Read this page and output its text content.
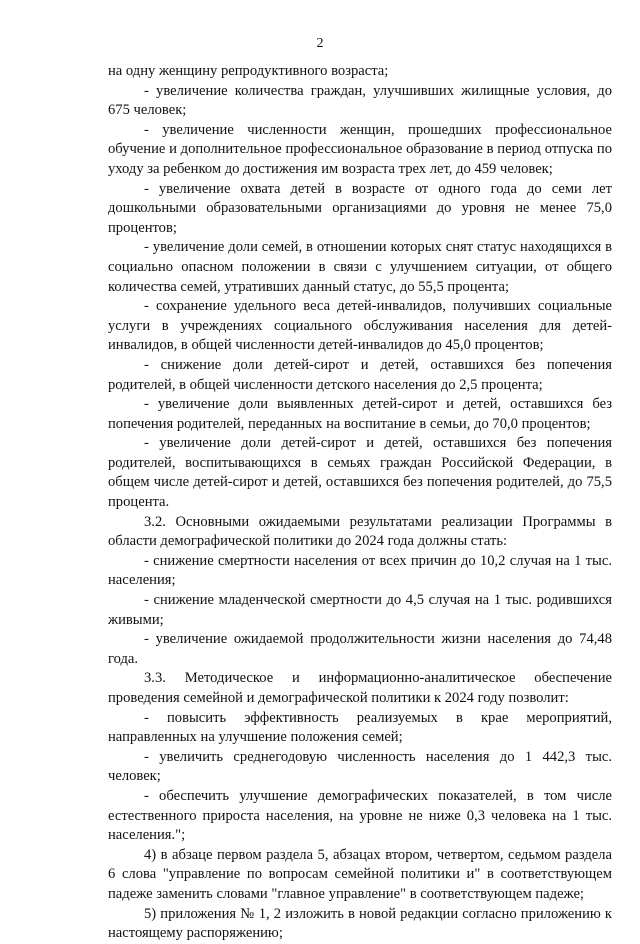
2

на одну женщину репродуктивного возраста;

- увеличение количества граждан, улучшивших жилищные условия, до 675 человек;

- увеличение численности женщин, прошедших профессиональное обучение и дополнительное профессиональное образование в период отпуска по уходу за ребенком до достижения им возраста трех лет, до 459 человек;

- увеличение охвата детей в возрасте от одного года до семи лет дошкольными образовательными организациями до уровня не менее 75,0 процентов;

- увеличение доли семей, в отношении которых снят статус находящихся в социально опасном положении в связи с улучшением ситуации, от общего количества семей, утративших данный статус, до 55,5 процента;

- сохранение удельного веса детей-инвалидов, получивших социальные услуги в учреждениях социального обслуживания населения для детей-инвалидов, в общей численности детей-инвалидов до 45,0 процентов;

- снижение доли детей-сирот и детей, оставшихся без попечения родителей, в общей численности детского населения до 2,5 процента;

- увеличение доли выявленных детей-сирот и детей, оставшихся без попечения родителей, переданных на воспитание в семьи, до 70,0 процентов;

- увеличение доли детей-сирот и детей, оставшихся без попечения родителей, воспитывающихся в семьях граждан Российской Федерации, в общем числе детей-сирот и детей, оставшихся без попечения родителей, до 75,5 процента.

3.2. Основными ожидаемыми результатами реализации Программы в области демографической политики до 2024 года должны стать:

- снижение смертности населения от всех причин до 10,2 случая на 1 тыс. населения;

- снижение младенческой смертности до 4,5 случая на 1 тыс. родившихся живыми;

- увеличение ожидаемой продолжительности жизни населения до 74,48 года.

3.3. Методическое и информационно-аналитическое обеспечение проведения семейной и демографической политики к 2024 году позволит:

- повысить эффективность реализуемых в крае мероприятий, направленных на улучшение положения семей;

- увеличить среднегодовую численность населения до 1 442,3 тыс. человек;

- обеспечить улучшение демографических показателей, в том числе естественного прироста населения, на уровне не ниже 0,3 человека на 1 тыс. населения.";

4) в абзаце первом раздела 5, абзацах втором, четвертом, седьмом раздела 6 слова "управление по вопросам семейной политики и" в соответствующем падеже заменить словами "главное управление" в соответствующем падеже;

5) приложения № 1, 2 изложить в новой редакции согласно приложению к настоящему распоряжению;
